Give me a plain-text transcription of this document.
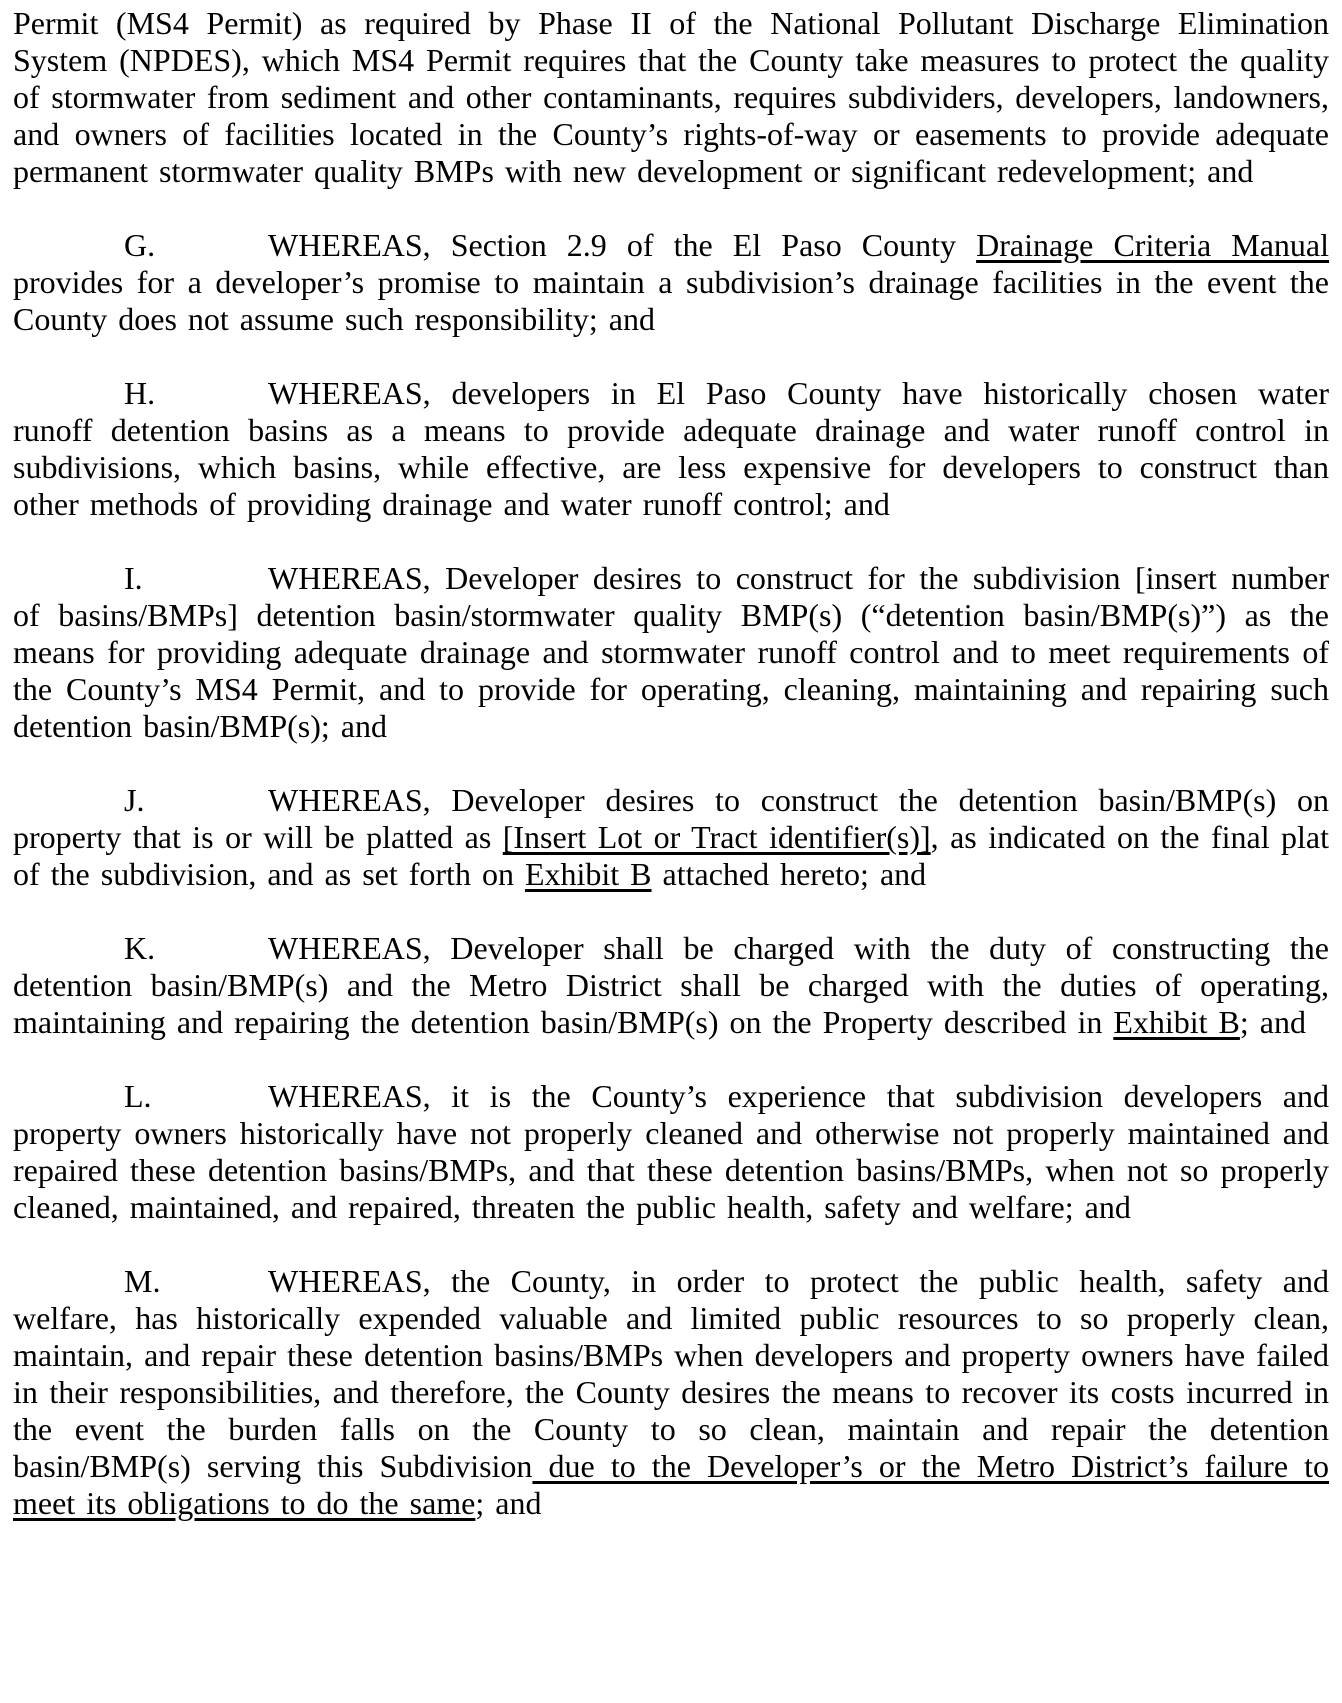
Permit (MS4 Permit) as required by Phase II of the National Pollutant Discharge Elimination System (NPDES), which MS4 Permit requires that the County take measures to protect the quality of stormwater from sediment and other contaminants, requires subdividers, developers, landowners, and owners of facilities located in the County’s rights-of-way or easements to provide adequate permanent stormwater quality BMPs with new development or significant redevelopment; and

G.	WHEREAS, Section 2.9 of the El Paso County Drainage Criteria Manual provides for a developer’s promise to maintain a subdivision’s drainage facilities in the event the County does not assume such responsibility; and

H.	WHEREAS, developers in El Paso County have historically chosen water runoff detention basins as a means to provide adequate drainage and water runoff control in subdivisions, which basins, while effective, are less expensive for developers to construct than other methods of providing drainage and water runoff control; and

I.	WHEREAS, Developer desires to construct for the subdivision [insert number of basins/BMPs] detention basin/stormwater quality BMP(s) (“detention basin/BMP(s)”) as the means for providing adequate drainage and stormwater runoff control and to meet requirements of the County’s MS4 Permit, and to provide for operating, cleaning, maintaining and repairing such detention basin/BMP(s); and

J.	WHEREAS, Developer desires to construct the detention basin/BMP(s) on property that is or will be platted as [Insert Lot or Tract identifier(s)], as indicated on the final plat of the subdivision, and as set forth on Exhibit B attached hereto; and

K.	WHEREAS, Developer shall be charged with the duty of constructing the detention basin/BMP(s) and the Metro District shall be charged with the duties of operating, maintaining and repairing the detention basin/BMP(s) on the Property described in Exhibit B; and

L.	WHEREAS, it is the County’s experience that subdivision developers and property owners historically have not properly cleaned and otherwise not properly maintained and repaired these detention basins/BMPs, and that these detention basins/BMPs, when not so properly cleaned, maintained, and repaired, threaten the public health, safety and welfare; and

M.	WHEREAS, the County, in order to protect the public health, safety and welfare, has historically expended valuable and limited public resources to so properly clean, maintain, and repair these detention basins/BMPs when developers and property owners have failed in their responsibilities, and therefore, the County desires the means to recover its costs incurred in the event the burden falls on the County to so clean, maintain and repair the detention basin/BMP(s) serving this Subdivision due to the Developer’s or the Metro District’s failure to meet its obligations to do the same; and
